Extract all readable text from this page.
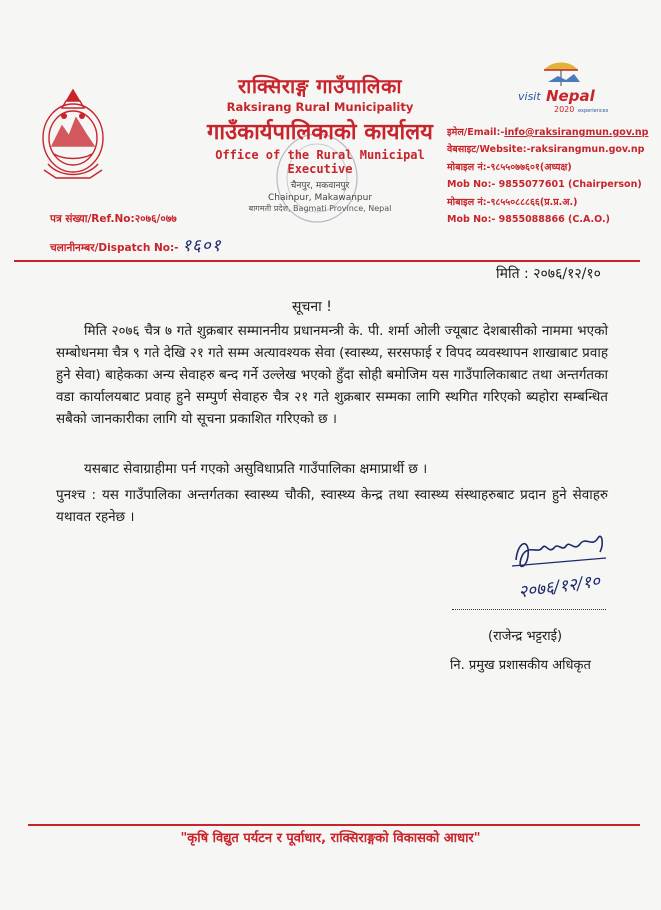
राक्सिराङ्ग गाउँपालिका
Raksirang Rural Municipality
गाउँकार्यपालिकाको कार्यालय
Office of the Rural Municipal Executive
चैनपुर, मकवानपुर
Chainpur, Makawanpur
बागमती प्रदेश, Bagmati Province, Nepal
visit Nepal
2020 experiences
इमेल/Email:-info@raksirangmun.gov.np
वेबसाइट/Website:-raksirangmun.gov.np
मोबाइल नं:-९८५५०७७६०१(अध्यक्ष)
Mob No:- 9855077601 (Chairperson)
मोबाइल नं:-९८५५०८८८६६(प्र.प्र.अ.)
Mob No:- 9855088866 (C.A.O.)
पत्र संख्या/Ref.No:२०७६/०७७
चलानीनम्बर/Dispatch No:- १६०१
मिति : २०७६/१२/१०
सूचना !
मिति २०७६ चैत्र ७ गते शुक्रबार सम्माननीय प्रधानमन्त्री के. पी. शर्मा ओली ज्यूबाट देशबासीको नाममा भएको सम्बोधनमा चैत्र ९ गते देखि २१ गते सम्म अत्यावश्यक सेवा (स्वास्थ्य, सरसफाई र विपद व्यवस्थापन शाखाबाट प्रवाह हुने सेवा) बाहेकका अन्य सेवाहरु बन्द गर्ने उल्लेख भएको हुँदा सोही बमोजिम यस गाउँपालिकाबाट तथा अन्तर्गतका वडा कार्यालयबाट प्रवाह हुने सम्पुर्ण सेवाहरु चैत्र २१ गते शुक्रबार सम्मका लागि स्थगित गरिएको ब्यहोरा सम्बन्धित सबैको जानकारीका लागि यो सूचना प्रकाशित गरिएको छ ।
यसबाट सेवाग्राहीमा पर्न गएको असुविधाप्रति गाउँपालिका क्षमाप्रार्थी छ ।
पुनश्च : यस गाउँपालिका अन्तर्गतका स्वास्थ्य चौकी, स्वास्थ्य केन्द्र तथा स्वास्थ्य संस्थाहरुबाट प्रदान हुने सेवाहरु यथावत रहनेछ ।
२०७६/१२/१०
(राजेन्द्र भट्टराई)
नि. प्रमुख प्रशासकीय अधिकृत
"कृषि विद्युत पर्यटन र पूर्वाधार, राक्सिराङ्गको विकासको आधार"
